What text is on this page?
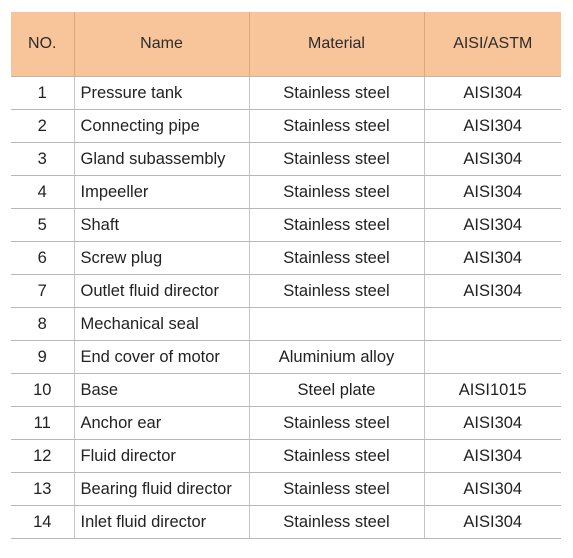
NO.	Name	Material	AISI/ASTM
1	Pressure tank	Stainless steel	AISI304
2	Connecting pipe	Stainless steel	AISI304
3	Gland subassembly	Stainless steel	AISI304
4	Impeeller	Stainless steel	AISI304
5	Shaft	Stainless steel	AISI304
6	Screw plug	Stainless steel	AISI304
7	Outlet fluid director	Stainless steel	AISI304
8	Mechanical seal		
9	End cover of motor	Aluminium alloy	
10	Base	Steel plate	AISI1015
11	Anchor ear	Stainless steel	AISI304
12	Fluid director	Stainless steel	AISI304
13	Bearing fluid director	Stainless steel	AISI304
14	Inlet fluid director	Stainless steel	AISI304
